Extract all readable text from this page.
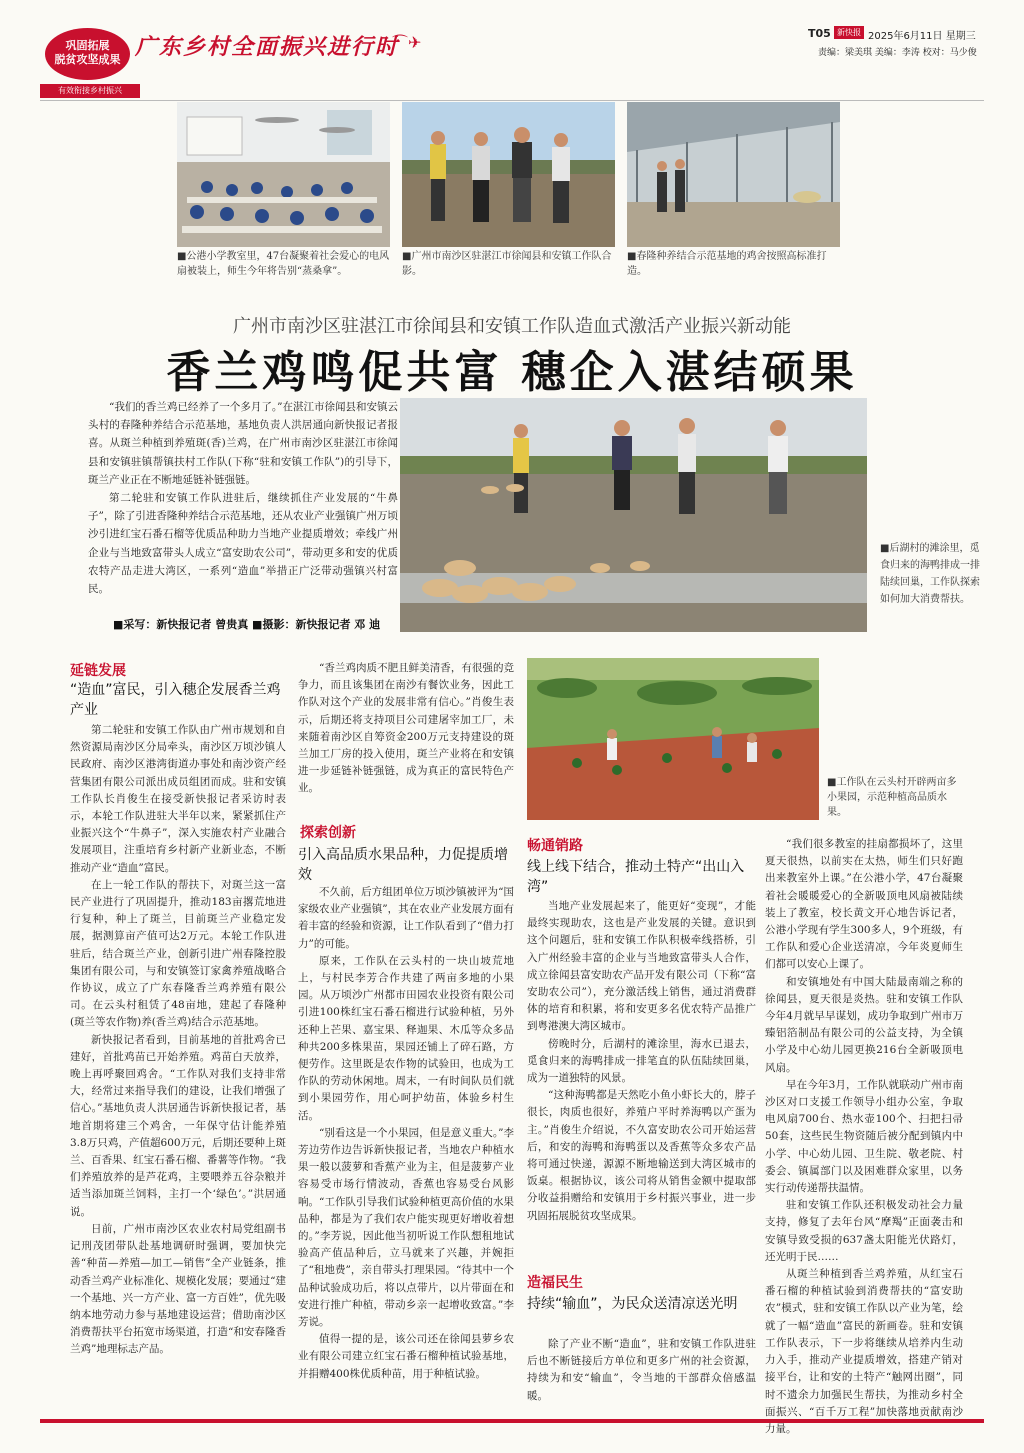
巩固拓展
脱贫攻坚成果
有效衔接乡村振兴
广东乡村全面振兴进行时
⌒✈	T05 新快报 2025年6月11日 星期三
责编：梁美琪 美编：李涛 校对：马少俊
■公港小学教室里，47台凝聚着社会爱心的电风扇被装上，师生今年将告别“蒸桑拿”。
■广州市南沙区驻湛江市徐闻县和安镇工作队合影。
■春隆种养结合示范基地的鸡舍按照高标准打造。
广州市南沙区驻湛江市徐闻县和安镇工作队造血式激活产业振兴新动能
香兰鸡鸣促共富 穗企入湛结硕果

“我们的香兰鸡已经养了一个多月了。”在湛江市徐闻县和安镇云头村的春隆种养结合示范基地，基地负责人洪居通向新快报记者报喜。从斑兰种植到养殖斑(香)兰鸡，在广州市南沙区驻湛江市徐闻县和安镇驻镇帮镇扶村工作队(下称“驻和安镇工作队”)的引导下，斑兰产业正在不断地延链补链强链。

第二轮驻和安镇工作队进驻后，继续抓住产业发展的“牛鼻子”，除了引进香隆种养结合示范基地，还从农业产业强镇广州万顷沙引进红宝石番石榴等优质品种助力当地产业提质增效；牵线广州企业与当地致富带头人成立“富安助农公司”，带动更多和安的优质农特产品走进大湾区，一系列“造血”举措正广泛带动强镇兴村富民。

■采写：新快报记者 曾贵真 ■摄影：新快报记者 邓 迪
■后湖村的滩涂里，觅食归来的海鸭排成一排陆续回巢，工作队探索如何加大消费帮扶。
延链发展
“造血”富民，引入穗企发展香兰鸡产业

第二轮驻和安镇工作队由广州市规划和自然资源局南沙区分局牵头，南沙区万顷沙镇人民政府、南沙区港湾街道办事处和南沙资产经营集团有限公司派出成员组团而成。驻和安镇工作队长肖俊生在接受新快报记者采访时表示，本轮工作队进驻大半年以来，紧紧抓住产业振兴这个“牛鼻子”，深入实施农村产业融合发展项目，注重培育乡村新产业新业态，不断推动产业“造血”富民。

在上一轮工作队的帮扶下，对斑兰这一富民产业进行了巩固提升，推动183亩撂荒地进行复种，种上了斑兰，目前斑兰产业稳定发展，据测算亩产值可达2万元。本轮工作队进驻后，结合斑兰产业，创新引进广州春隆控股集团有限公司，与和安镇签订家禽养殖战略合作协议，成立了广东春隆香兰鸡养殖有限公司。在云头村租赁了48亩地，建起了春隆种(斑兰等农作物)养(香兰鸡)结合示范基地。

新快报记者看到，目前基地的首批鸡舍已建好，首批鸡苗已开始养殖。鸡苗白天放养，晚上再呼聚回鸡舍。“工作队对我们支持非常大，经常过来指导我们的建设，让我们增强了信心。”基地负责人洪居通告诉新快报记者，基地首期将建三个鸡舍，一年保守估计能养殖3.8万只鸡，产值超600万元，后期还要种上斑兰、百香果、红宝石番石榴、番薯等作物。“我们养殖放养的是芦花鸡，主要喂养五谷杂粮并适当添加斑兰饲料，主打一个‘绿色’。”洪居通说。

日前，广州市南沙区农业农村局党组副书记刑茂团带队赴基地调研时强调，要加快完善“种苗—养殖—加工—销售”全产业链条，推动香兰鸡产业标准化、规模化发展；要通过“建一个基地、兴一方产业、富一方百姓”，优先吸纳本地劳动力参与基地建设运营；借助南沙区消费帮扶平台拓宽市场渠道，打造“和安春隆香兰鸡”地理标志产品。

“香兰鸡肉质不肥且鲜美清香，有很强的竞争力，而且该集团在南沙有餐饮业务，因此工作队对这个产业的发展非常有信心。”肖俊生表示，后期还将支持项目公司建屠宰加工厂，未来随着南沙区自筹资金200万元支持建设的斑兰加工厂房的投入使用，斑兰产业将在和安镇进一步延链补链强链，成为真正的富民特色产业。

探索创新
引入高品质水果品种，力促提质增效

不久前，后方组团单位万顷沙镇被评为“国家级农业产业强镇”，其在农业产业发展方面有着丰富的经验和资源，让工作队看到了“借力打力”的可能。

原来，工作队在云头村的一块山坡荒地上，与村民李芳合作共建了两亩多地的小果园。从万顷沙广州都市田园农业投资有限公司引进100株红宝石番石榴进行试验种植，另外还种上芒果、嘉宝果、释迦果、木瓜等众多品种共200多株果苗，果园还铺上了碎石路，方便劳作。这里既是农作物的试验田，也成为工作队的劳动休闲地。周末，一有时间队员们就到小果园劳作，用心呵护幼苗，体验乡村生活。

“别看这是一个小果园，但是意义重大。”李芳边劳作边告诉新快报记者，当地农户种植水果一般以菠萝和香蕉产业为主，但是菠萝产业容易受市场行情波动，香蕉也容易受台风影响。“工作队引导我们试验种植更高价值的水果品种，都是为了我们农户能实现更好增收着想的。”李芳说，因此他当初听说工作队想租地试验高产值品种后，立马就来了兴趣，并婉拒了“租地费”，亲自带头打理果园。“待其中一个品种试验成功后，将以点带片，以片带面在和安进行推广种植，带动乡亲一起增收致富。”李芳说。

值得一提的是，该公司还在徐闻县萝乡农业有限公司建立红宝石番石榴种植试验基地，并捐赠400株优质种苗，用于种植试验。

■工作队在云头村开辟两亩多小果园，示范种植高品质水果。
畅通销路
线上线下结合，推动土特产“出山入湾”

当地产业发展起来了，能更好“变现”，才能最终实现助农，这也是产业发展的关键。意识到这个问题后，驻和安镇工作队积极牵线搭桥，引入广州经验丰富的企业与当地致富带头人合作，成立徐闻县富安助农产品开发有限公司（下称“富安助农公司”），充分激活线上销售，通过消费群体的培育和积累，将和安更多名优农特产品推广到粤港澳大湾区城市。

傍晚时分，后湖村的滩涂里，海水已退去，觅食归来的海鸭排成一排笔直的队伍陆续回巢，成为一道独特的风景。

“这种海鸭都是天然吃小鱼小虾长大的，脖子很长，肉质也很好，养殖户平时养海鸭以产蛋为主。”肖俊生介绍说，不久富安助农公司开始运营后，和安的海鸭和海鸭蛋以及香蕉等众多农产品将可通过快递，源源不断地输送到大湾区城市的饭桌。根据协议，该公司将从销售金额中提取部分收益捐赠给和安镇用于乡村振兴事业，进一步巩固拓展脱贫攻坚成果。

造福民生
持续“输血”，为民众送清凉送光明

除了产业不断“造血”，驻和安镇工作队进驻后也不断链接后方单位和更多广州的社会资源，持续为和安“输血”，令当地的干部群众倍感温暖。

“我们很多教室的挂扇都损坏了，这里夏天很热，以前实在太热，师生们只好跑出来教室外上课。”在公港小学，47台凝聚着社会暖暖爱心的全新吸顶电风扇被陆续装上了教室，校长黄文开心地告诉记者，公港小学现有学生300多人，9个班级，有工作队和爱心企业送清凉，今年炎夏师生们都可以安心上课了。

和安镇地处有中国大陆最南端之称的徐闻县，夏天很是炎热。驻和安镇工作队今年4月就早早谋划，成功争取到广州市万臻铝箔制品有限公司的公益支持，为全镇小学及中心幼儿园更换216台全新吸顶电风扇。

早在今年3月，工作队就联动广州市南沙区对口支援工作领导小组办公室，争取电风扇700台、热水壶100个、扫把扫帚50套，这些民生物资随后被分配到镇内中小学、中心幼儿园、卫生院、敬老院、村委会、镇属部门以及困难群众家里，以务实行动传递帮扶温情。

驻和安镇工作队还积极发动社会力量支持，修复了去年台风“摩羯”正面袭击和安镇导致受损的637盏太阳能光伏路灯，还光明于民……

从斑兰种植到香兰鸡养殖，从红宝石番石榴的种植试验到消费帮扶的“富安助农”模式，驻和安镇工作队以产业为笔，绘就了一幅“造血”富民的新画卷。驻和安镇工作队表示，下一步将继续从培养内生动力入手，推动产业提质增效，搭建产销对接平台，让和安的土特产“触网出圈”，同时不遗余力加强民生帮扶，为推动乡村全面振兴、“百千万工程”加快落地贡献南沙力量。
